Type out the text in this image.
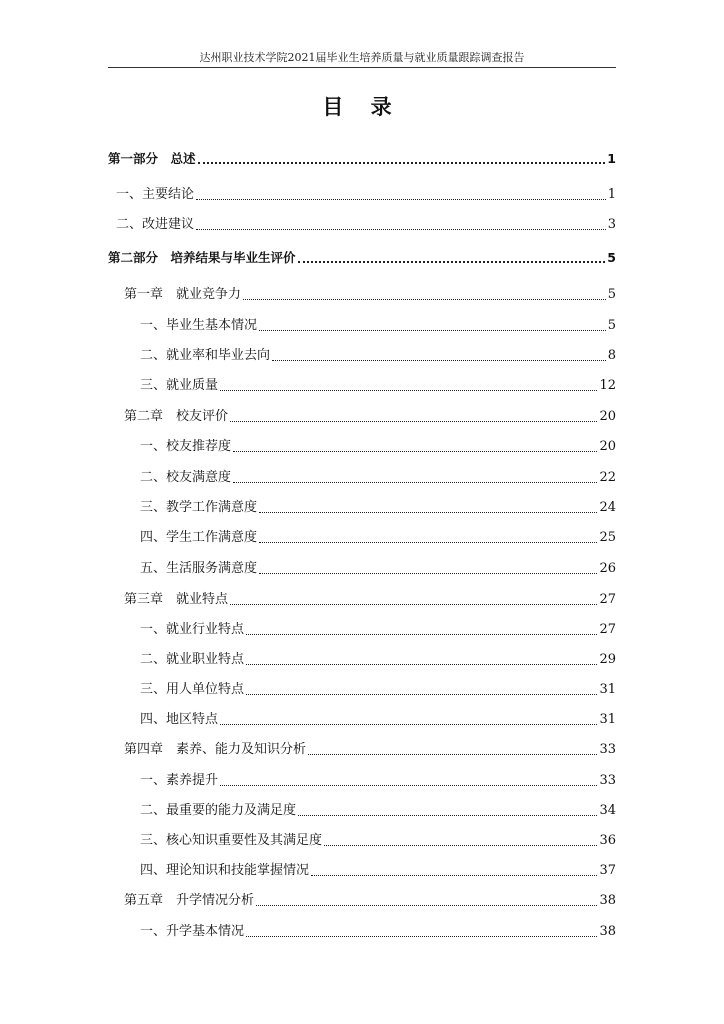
达州职业技术学院2021届毕业生培养质量与就业质量跟踪调查报告
目 录
第一部分　总述	1
一、主要结论	1
二、改进建议	3
第二部分　培养结果与毕业生评价	5
第一章　就业竞争力	5
一、毕业生基本情况	5
二、就业率和毕业去向	8
三、就业质量	12
第二章　校友评价	20
一、校友推荐度	20
二、校友满意度	22
三、教学工作满意度	24
四、学生工作满意度	25
五、生活服务满意度	26
第三章　就业特点	27
一、就业行业特点	27
二、就业职业特点	29
三、用人单位特点	31
四、地区特点	31
第四章　素养、能力及知识分析	33
一、素养提升	33
二、最重要的能力及满足度	34
三、核心知识重要性及其满足度	36
四、理论知识和技能掌握情况	37
第五章　升学情况分析	38
一、升学基本情况	38
